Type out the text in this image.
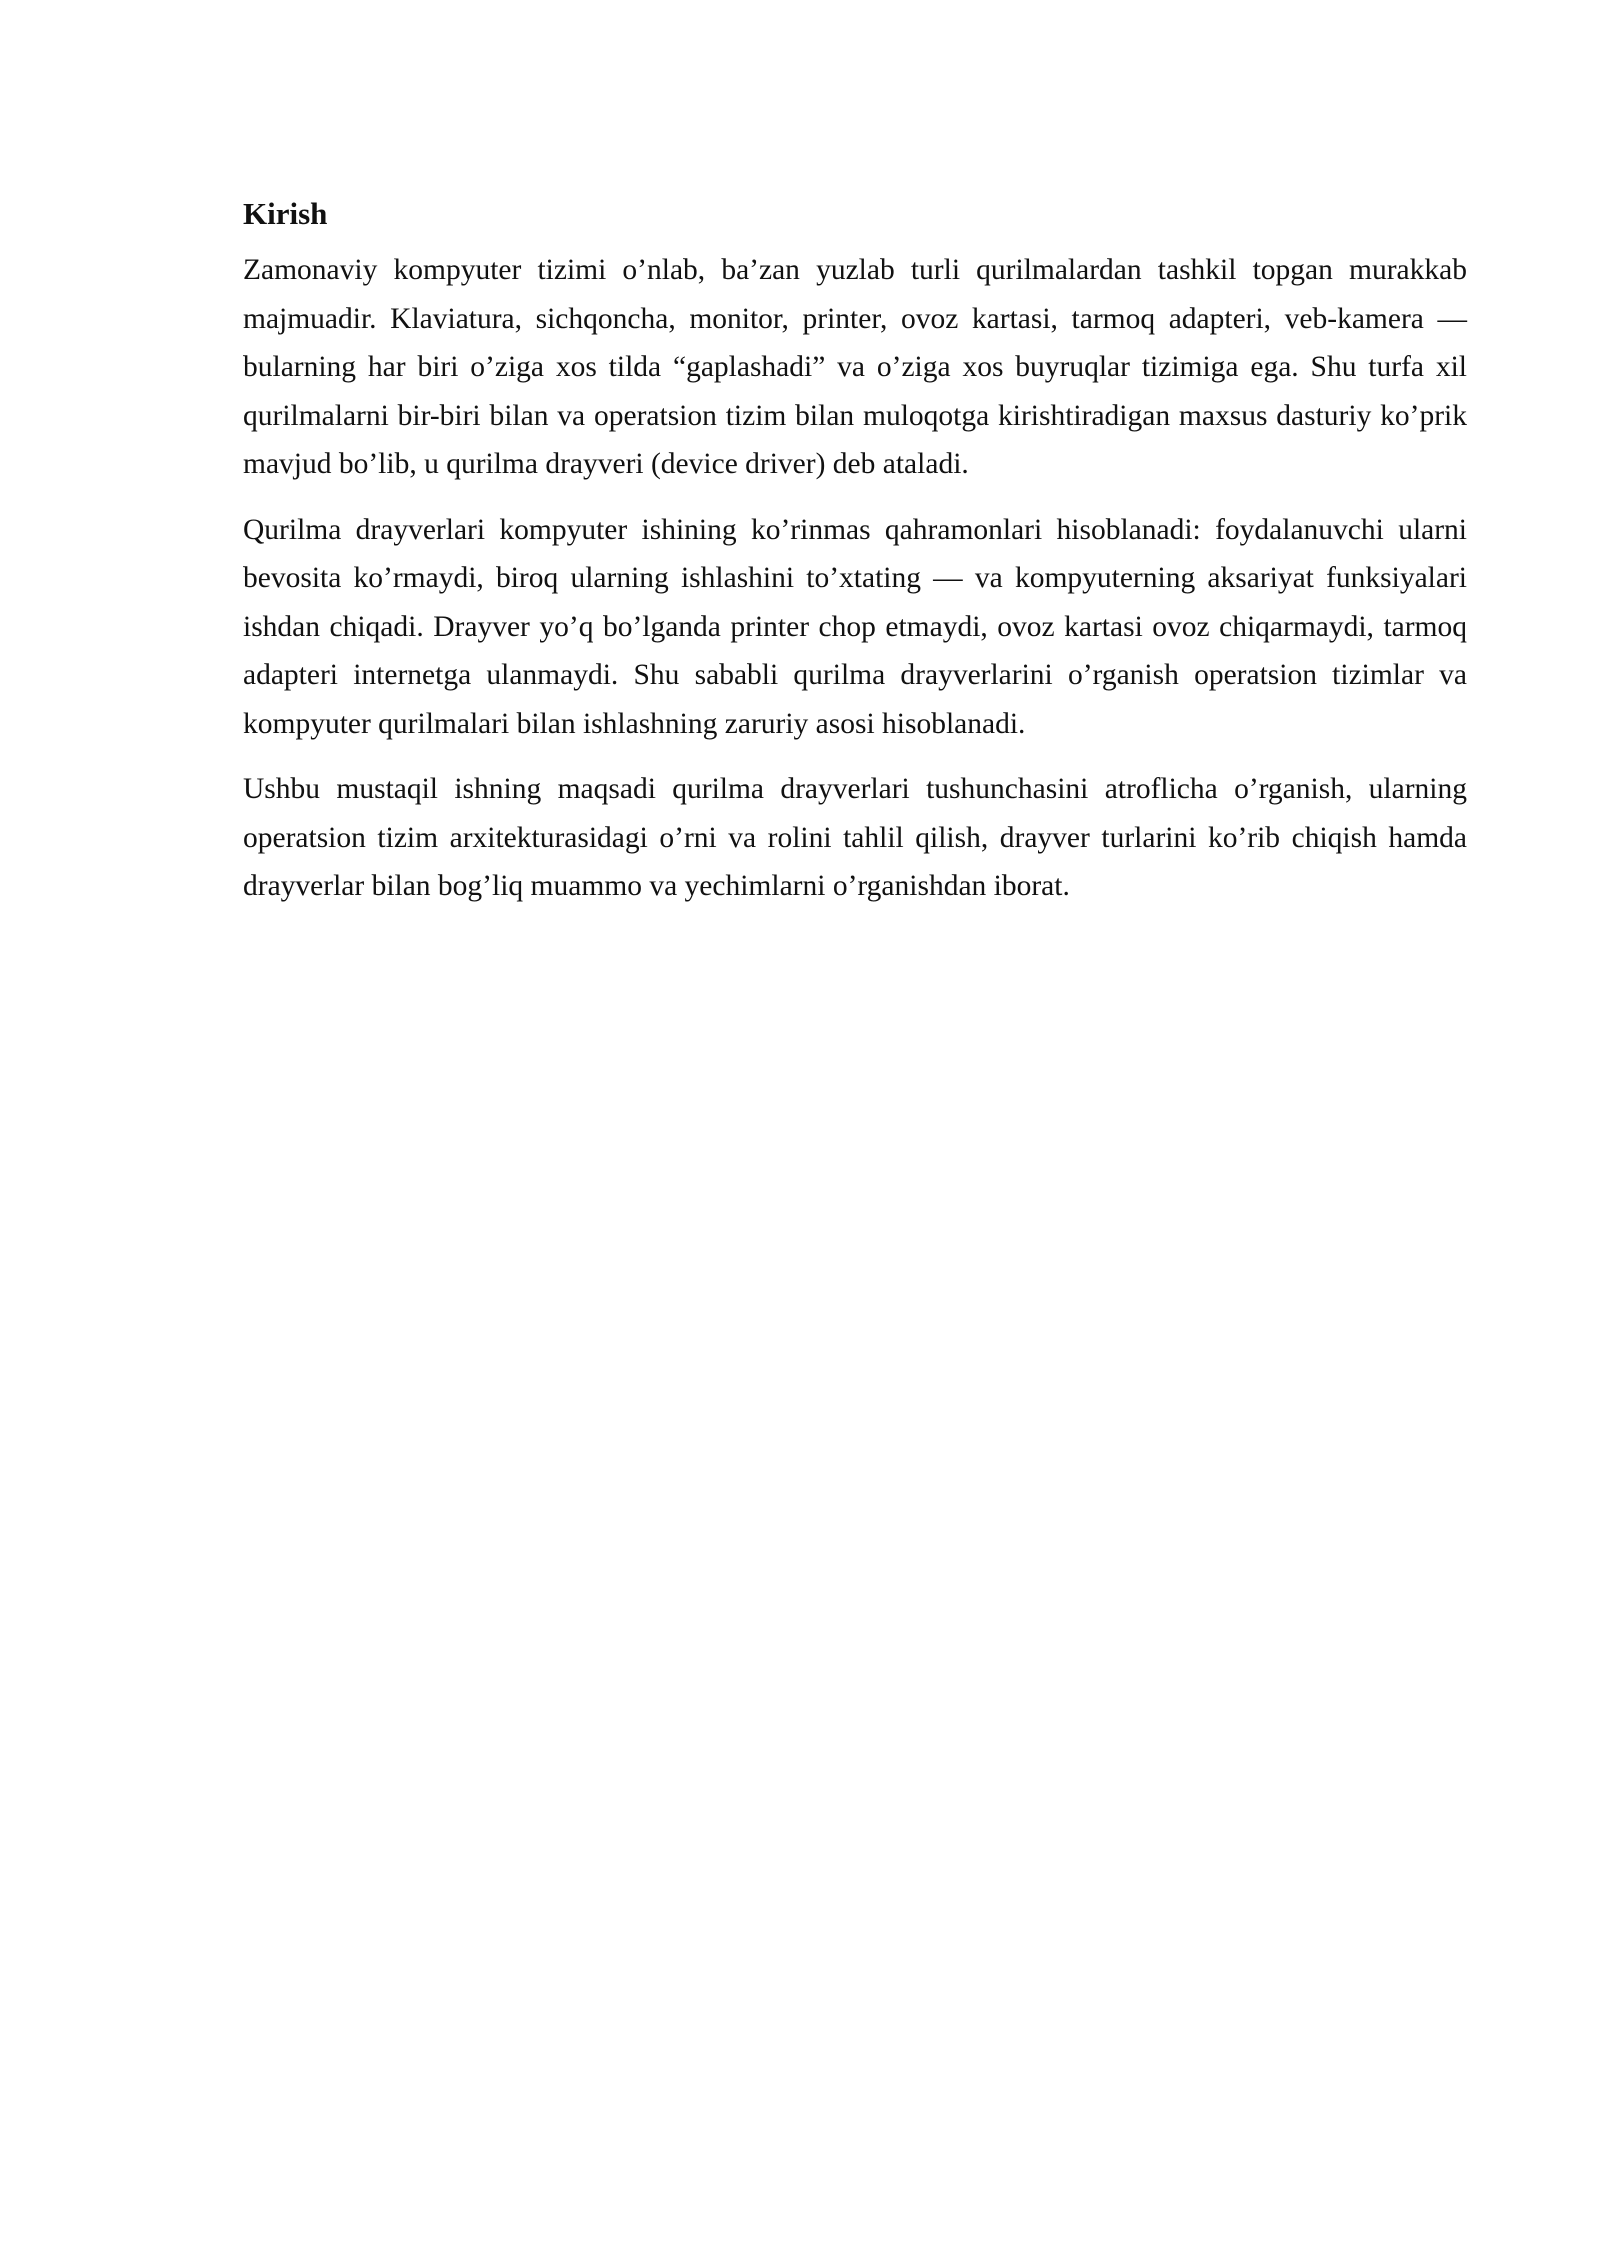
Kirish

Zamonaviy kompyuter tizimi o’nlab, ba’zan yuzlab turli qurilmalardan tashkil topgan murakkab majmuadir. Klaviatura, sichqoncha, monitor, printer, ovoz kartasi, tarmoq adapteri, veb-kamera — bularning har biri o’ziga xos tilda “gaplashadi” va o’ziga xos buyruqlar tizimiga ega. Shu turfa xil qurilmalarni bir-biri bilan va operatsion tizim bilan muloqotga kirishtiradigan maxsus dasturiy ko’prik mavjud bo’lib, u qurilma drayveri (device driver) deb ataladi.

Qurilma drayverlari kompyuter ishining ko’rinmas qahramonlari hisoblanadi: foydalanuvchi ularni bevosita ko’rmaydi, biroq ularning ishlashini to’xtating — va kompyuterning aksariyat funksiyalari ishdan chiqadi. Drayver yo’q bo’lganda printer chop etmaydi, ovoz kartasi ovoz chiqarmaydi, tarmoq adapteri internetga ulanmaydi. Shu sababli qurilma drayverlarini o’rganish operatsion tizimlar va kompyuter qurilmalari bilan ishlashning zaruriy asosi hisoblanadi.

Ushbu mustaqil ishning maqsadi qurilma drayverlari tushunchasini atroflicha o’rganish, ularning operatsion tizim arxitekturasidagi o’rni va rolini tahlil qilish, drayver turlarini ko’rib chiqish hamda drayverlar bilan bog’liq muammo va yechimlarni o’rganishdan iborat.
